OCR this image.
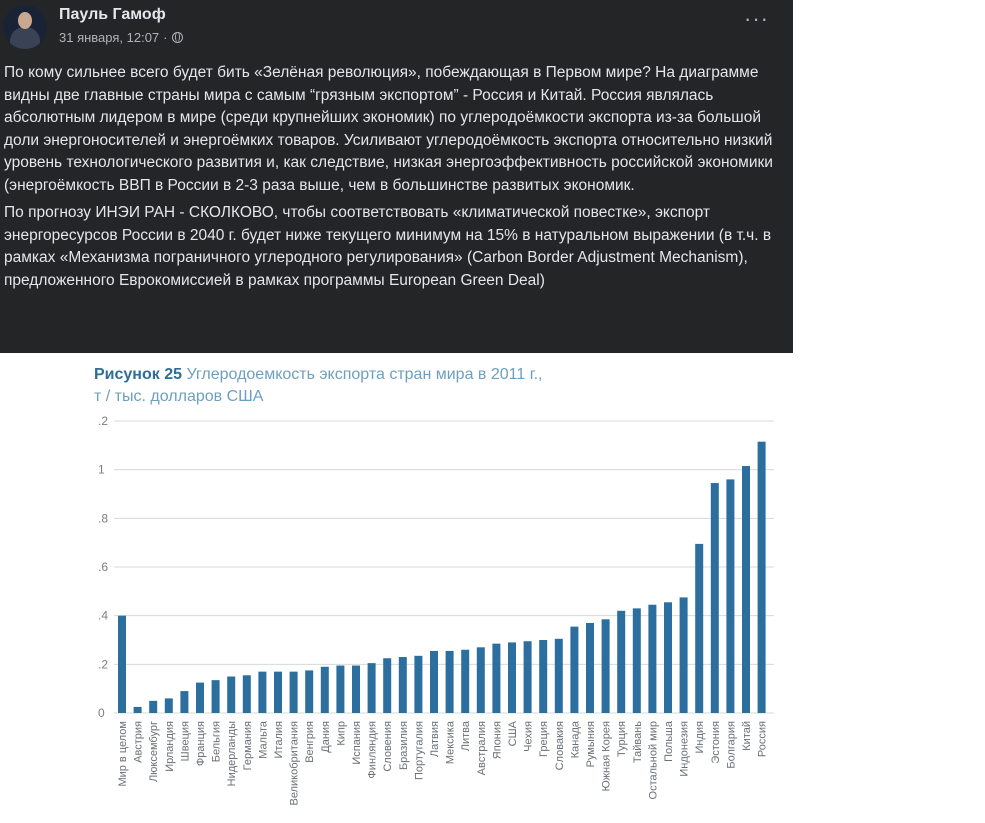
Пауль Гамоф
31 января, 12:07 ·
···

По кому сильнее всего будет бить «Зелёная революция», побеждающая в Первом мире? На диаграмме видны две главные страны мира с самым “грязным экспортом” - Россия и Китай. Россия являлась абсолютным лидером в мире (среди крупнейших экономик) по углеродоёмкости экспорта из-за большой доли энергоносителей и энергоёмких товаров. Усиливают углеродоёмкость экспорта относительно низкий уровень технологического развития и, как следствие, низкая энергоэффективность российской экономики (энергоёмкость ВВП в России в 2-3 раза выше, чем в большинстве развитых экономик.

По прогнозу ИНЭИ РАН - СКОЛКОВО, чтобы соответствовать «климатической повестке», экспорт энергоресурсов России в 2040 г. будет ниже текущего минимум на 15% в натуральном выражении (в т.ч. в рамках «Механизма пограничного углеродного регулирования» (Carbon Border Adjustment Mechanism), предложенного Еврокомиссией в рамках программы European Green Deal)

Рисунок 25 Углеродоемкость экспорта стран мира в 2011 г.,
т / тыс. долларов США
.2
1
.8
.6
.4
.2
0
Мир в целом Австрия Люксембург Ирландия Швеция Франция Бельгия Нидерланды Германия Мальта Италия Великобритания Венгрия Дания Кипр Испания Финляндия Словения Бразилия Португалия Латвия Мексика Литва Австралия Япония США Чехия Греция Словакия Канада Румыния Южная Корея Турция Тайвань Остальной мир Польша Индонезия Индия Эстония Болгария Китай Россия
